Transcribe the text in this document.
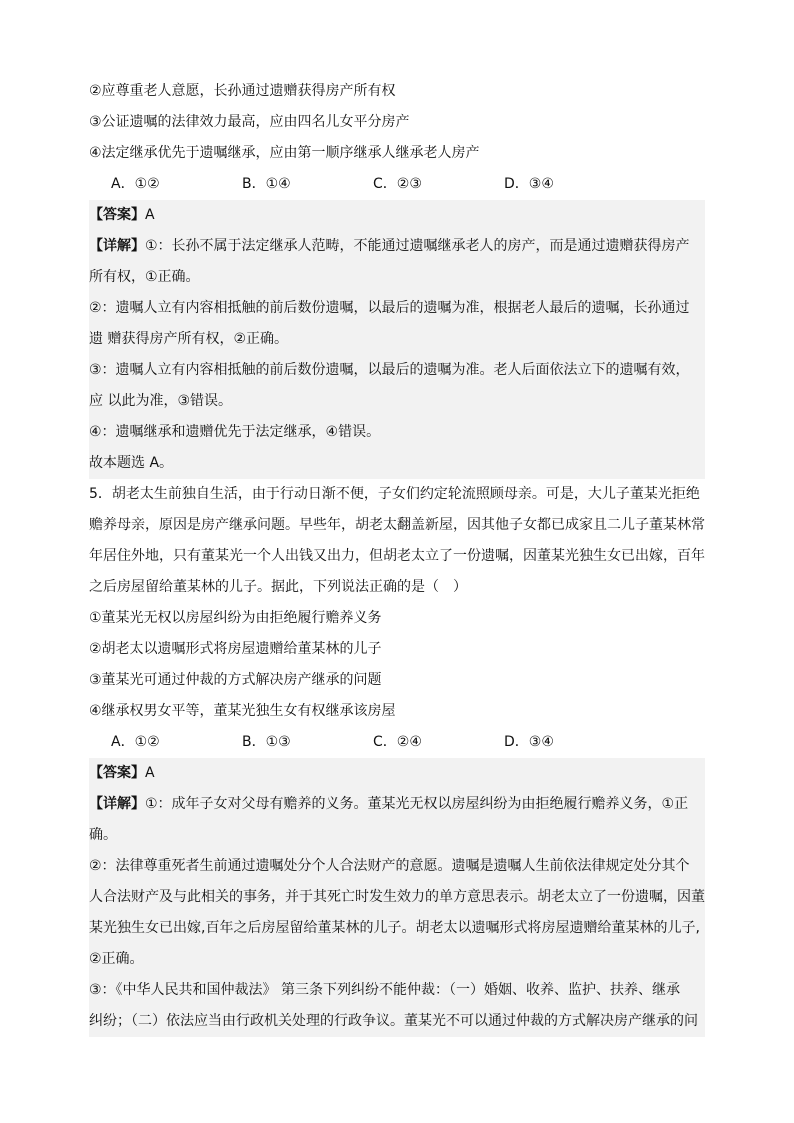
②应尊重老人意愿，长孙通过遗赠获得房产所有权
③公证遗嘱的法律效力最高，应由四名儿女平分房产
④法定继承优先于遗嘱继承，应由第一顺序继承人继承老人房产
A．①②	B．①④	C．②③	D．③④
【答案】A
【详解】①：长孙不属于法定继承人范畴，不能通过遗嘱继承老人的房产，而是通过遗赠获得房产
所有权，①正确。
②：遗嘱人立有内容相抵触的前后数份遗嘱，以最后的遗嘱为准，根据老人最后的遗嘱，长孙通过
遗 赠获得房产所有权，②正确。
③：遗嘱人立有内容相抵触的前后数份遗嘱，以最后的遗嘱为准。老人后面依法立下的遗嘱有效，
应 以此为准，③错误。
④：遗嘱继承和遗赠优先于法定继承，④错误。
故本题选 A。
5．胡老太生前独自生活，由于行动日渐不便，子女们约定轮流照顾母亲。可是，大儿子董某光拒绝
赡养母亲，原因是房产继承问题。早些年，胡老太翻盖新屋，因其他子女都已成家且二儿子董某林常
年居住外地，只有董某光一个人出钱又出力，但胡老太立了一份遗嘱，因董某光独生女已出嫁，百年
之后房屋留给董某林的儿子。据此，下列说法正确的是（　）
①董某光无权以房屋纠纷为由拒绝履行赡养义务
②胡老太以遗嘱形式将房屋遗赠给董某林的儿子
③董某光可通过仲裁的方式解决房产继承的问题
④继承权男女平等，董某光独生女有权继承该房屋
A．①②	B．①③	C．②④	D．③④
【答案】A
【详解】①：成年子女对父母有赡养的义务。董某光无权以房屋纠纷为由拒绝履行赡养义务，①正
确。
②：法律尊重死者生前通过遗嘱处分个人合法财产的意愿。遗嘱是遗嘱人生前依法律规定处分其个
人合法财产及与此相关的事务，并于其死亡时发生效力的单方意思表示。胡老太立了一份遗嘱，因董
某光独生女已出嫁,百年之后房屋留给董某林的儿子。胡老太以遗嘱形式将房屋遗赠给董某林的儿子,
②正确。
③：《中华人民共和国仲裁法》 第三条下列纠纷不能仲裁：（一）婚姻、收养、监护、扶养、继承
纠纷；（二）依法应当由行政机关处理的行政争议。董某光不可以通过仲裁的方式解决房产继承的问
